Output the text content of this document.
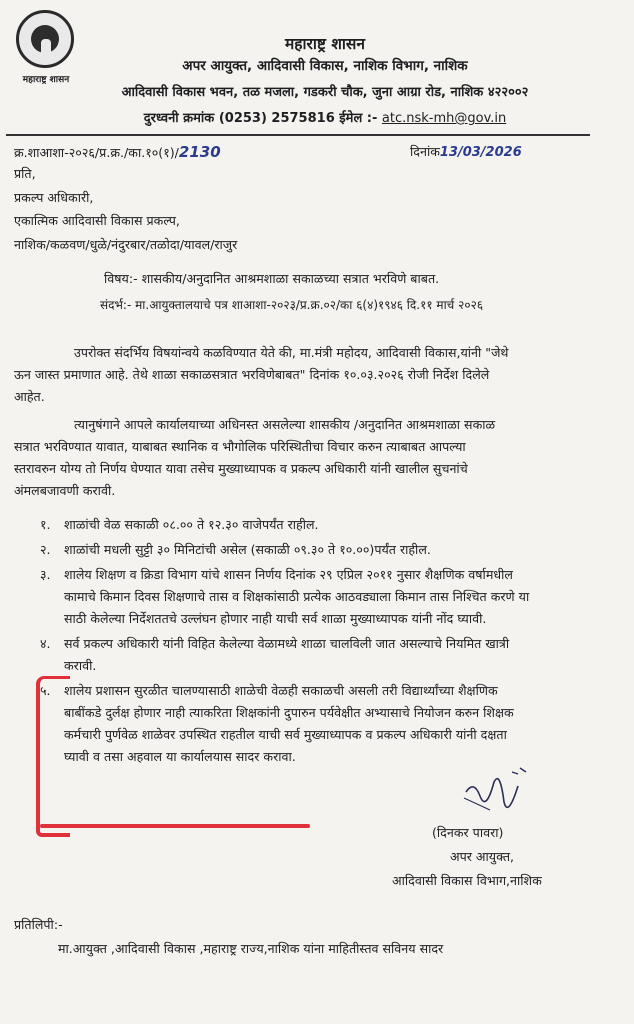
महाराष्ट्र शासन
महाराष्ट्र शासन
अपर आयुक्त, आदिवासी विकास, नाशिक विभाग, नाशिक
आदिवासी विकास भवन, तळ मजला, गडकरी चौक, जुना आग्रा रोड, नाशिक ४२२००२
दुरध्वनी क्रमांक (0253) 2575816 ईमेल :- atc.nsk-mh@gov.in
क्र.शाआशा-२०२६/प्र.क्र./का.१०(१)/2130	दिनांक13/03/2026
प्रति,
प्रकल्प अधिकारी,
एकात्मिक आदिवासी विकास प्रकल्प,
नाशिक/कळवण/धुळे/नंदुरबार/तळोदा/यावल/राजुर
विषय:- शासकीय/अनुदानित आश्रमशाळा सकाळच्या सत्रात भरविणे बाबत.
संदर्भ:- मा.आयुक्तालयाचे पत्र शाआशा-२०२३/प्र.क्र.०२/का ६(४)१९४६ दि.११ मार्च २०२६
उपरोक्त संदर्भिय विषयांन्वये कळविण्यात येते की, मा.मंत्री महोदय, आदिवासी विकास,यांनी "जेथे
ऊन जास्त प्रमाणात आहे. तेथे शाळा सकाळसत्रात भरविणेबाबत" दिनांक १०.०३.२०२६ रोजी निर्देश दिलेले
आहेत.
त्यानुषंगाने आपले कार्यालयाच्या अधिनस्त असलेल्या शासकीय /अनुदानित आश्रमशाळा सकाळ
सत्रात भरविण्यात यावात, याबाबत स्थानिक व भौगोलिक परिस्थितीचा विचार करुन त्याबाबत आपल्या
स्तरावरुन योग्य तो निर्णय घेण्यात यावा तसेच मुख्याध्यापक व प्रकल्प अधिकारी यांनी खालील सुचनांचे
अंमलबजावणी करावी.
१.	शाळांची वेळ सकाळी ०८.०० ते १२.३० वाजेपर्यंत राहील.
२.	शाळांची मधली सुट्टी ३० मिनिटांची असेल (सकाळी ०९.३० ते १०.००)पर्यंत राहील.
३.	शालेय शिक्षण व क्रिडा विभाग यांचे शासन निर्णय दिनांक २९ एप्रिल २०११ नुसार शैक्षणिक वर्षामधील
कामाचे किमान दिवस शिक्षणाचे तास व शिक्षकांसाठी प्रत्येक आठवड्याला किमान तास निश्चित करणे या
साठी केलेल्या निर्देशततचे उल्लंघन होणार नाही याची सर्व शाळा मुख्याध्यापक यांनी नोंद घ्यावी.
४.	सर्व प्रकल्प अधिकारी यांनी विहित केलेल्या वेळामध्ये शाळा चालविली जात असल्याचे नियमित खात्री
करावी.
५.	शालेय प्रशासन सुरळीत चालण्यासाठी शाळेची वेळही सकाळची असली तरी विद्यार्थ्यांच्या शैक्षणिक
बाबींकडे दुर्लक्ष होणार नाही त्याकरिता शिक्षकांनी दुपारुन पर्यवेक्षीत अभ्यासाचे नियोजन करुन शिक्षक
कर्मचारी पुर्णवेळ शाळेवर उपस्थित राहतील याची सर्व मुख्याध्यापक व प्रकल्प अधिकारी यांनी दक्षता
घ्यावी व तसा अहवाल या कार्यालयास सादर करावा.
(दिनकर पावरा)
अपर आयुक्त,
आदिवासी विकास विभाग,नाशिक
प्रतिलिपी:-
मा.आयुक्त ,आदिवासी विकास ,महाराष्ट्र राज्य,नाशिक यांना माहितीस्तव सविनय सादर
